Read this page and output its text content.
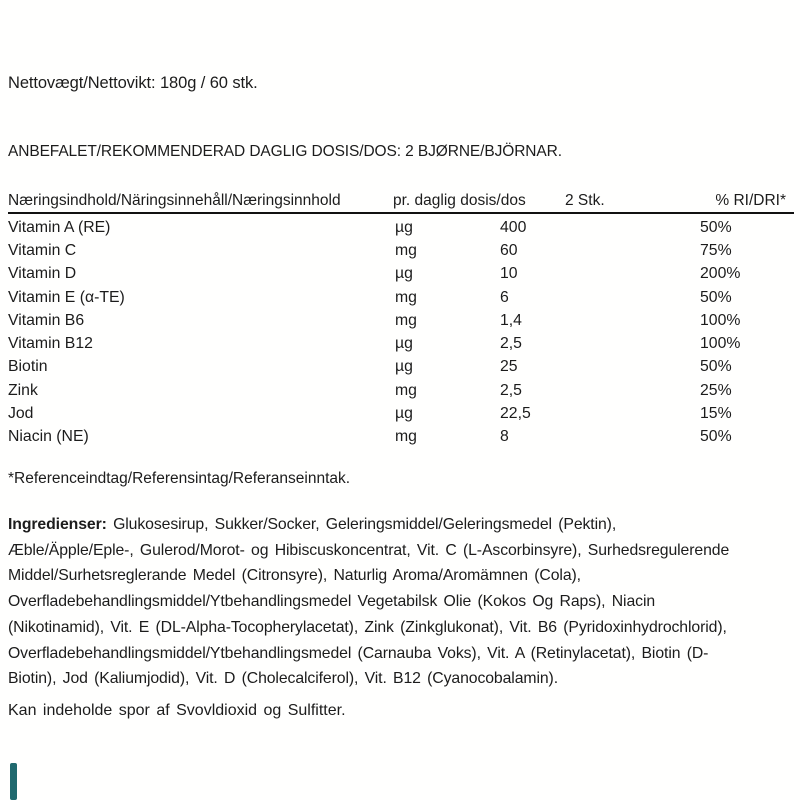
Nettovægt/Nettovikt: 180g / 60 stk.
ANBEFALET/REKOMMENDERAD DAGLIG DOSIS/DOS: 2 BJØRNE/BJÖRNAR.
Næringsindhold/Näringsinnehåll/Næringsinnhold	pr. daglig dosis/dos	2 Stk.	% RI/DRI*
Vitamin A (RE)	µg	400	50%
Vitamin C	mg	60	75%
Vitamin D	µg	10	200%
Vitamin E (α-TE)	mg	6	50%
Vitamin B6	mg	1,4	100%
Vitamin B12	µg	2,5	100%
Biotin	µg	25	50%
Zink	mg	2,5	25%
Jod	µg	22,5	15%
Niacin (NE)	mg	8	50%
*Referenceindtag/Referensintag/Referanseinntak.
Ingredienser: Glukosesirup, Sukker/Socker, Geleringsmiddel/Geleringsmedel (Pektin),
Æble/Äpple/Eple-, Gulerod/Morot- og Hibiscuskoncentrat, Vit. C (L-Ascorbinsyre), Surhedsregulerende
Middel/Surhetsreglerande Medel (Citronsyre), Naturlig Aroma/Aromämnen (Cola),
Overfladebehandlingsmiddel/Ytbehandlingsmedel Vegetabilsk Olie (Kokos Og Raps), Niacin
(Nikotinamid), Vit. E (DL-Alpha-Tocopherylacetat), Zink (Zinkglukonat), Vit. B6 (Pyridoxinhydrochlorid),
Overfladebehandlingsmiddel/Ytbehandlingsmedel (Carnauba Voks), Vit. A (Retinylacetat), Biotin (D-
Biotin), Jod (Kaliumjodid), Vit. D (Cholecalciferol), Vit. B12 (Cyanocobalamin).
Kan indeholde spor af Svovldioxid og Sulfitter.
